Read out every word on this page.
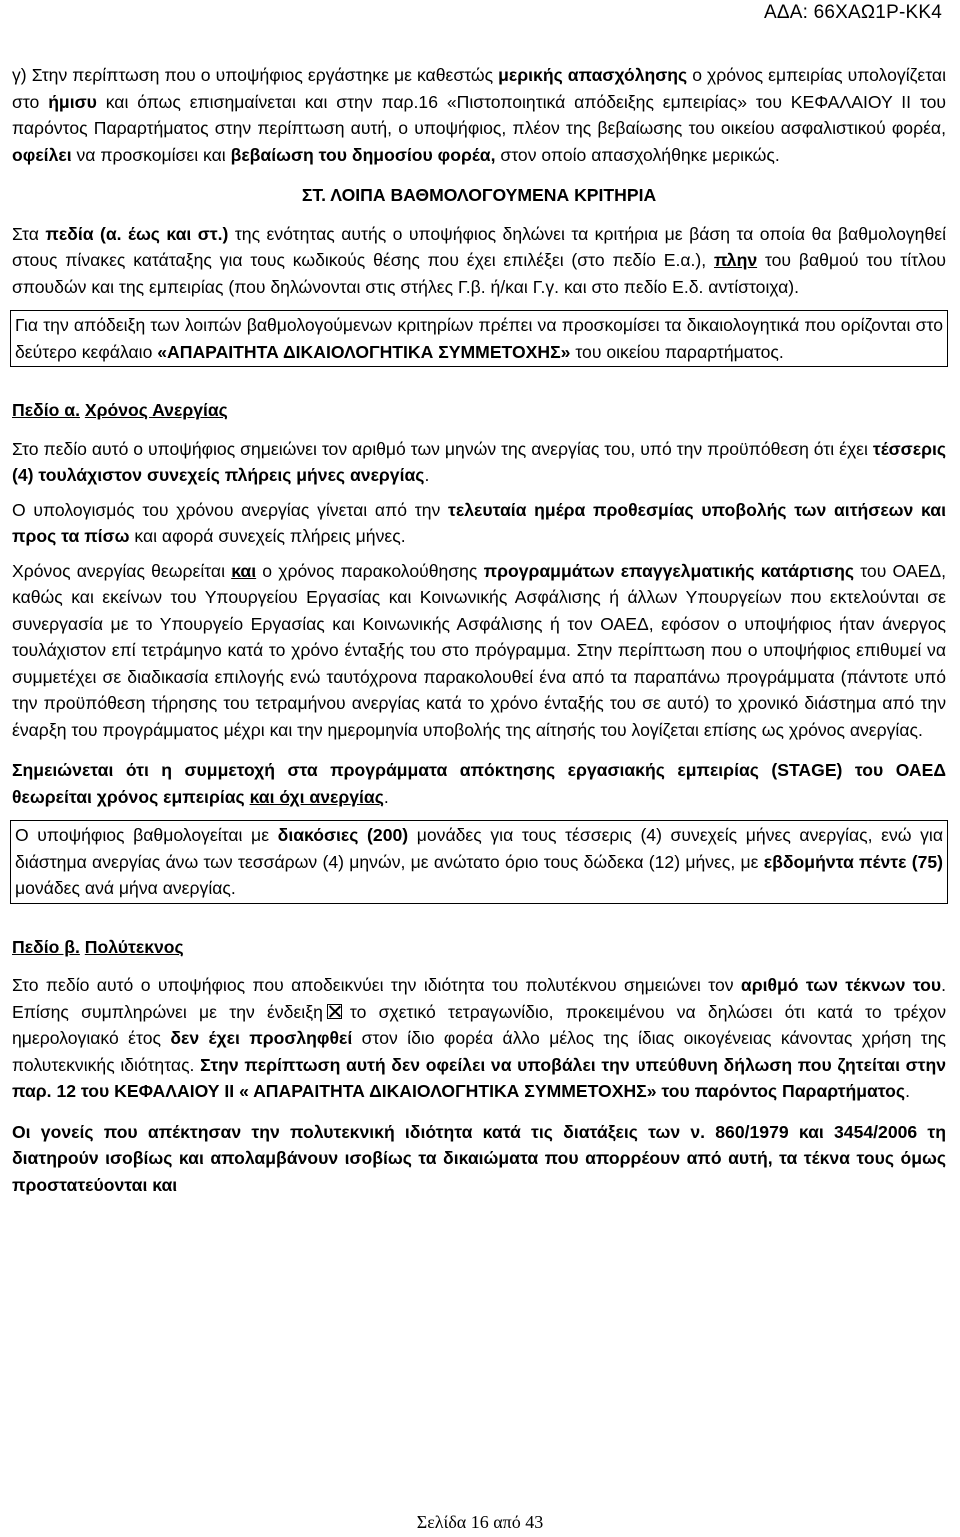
ΑΔΑ: 66ΧΑΩ1Ρ-ΚΚ4

γ) Στην περίπτωση που ο υποψήφιος εργάστηκε με καθεστώς μερικής απασχόλησης ο χρόνος εμπειρίας υπολογίζεται στο ήμισυ και όπως επισημαίνεται και στην παρ.16 «Πιστοποιητικά απόδειξης εμπειρίας» του ΚΕΦΑΛΑΙΟΥ ΙΙ του παρόντος Παραρτήματος στην περίπτωση αυτή, ο υποψήφιος, πλέον της βεβαίωσης του οικείου ασφαλιστικού φορέα, οφείλει να προσκομίσει και βεβαίωση του δημοσίου φορέα, στον οποίο απασχολήθηκε μερικώς.

ΣΤ. ΛΟΙΠΑ ΒΑΘΜΟΛΟΓΟΥΜΕΝΑ ΚΡΙΤΗΡΙΑ

Στα πεδία (α. έως και στ.) της ενότητας αυτής ο υποψήφιος δηλώνει τα κριτήρια με βάση τα οποία θα βαθμολογηθεί στους πίνακες κατάταξης για τους κωδικούς θέσης που έχει επιλέξει (στο πεδίο Ε.α.), πλην του βαθμού του τίτλου σπουδών και της εμπειρίας (που δηλώνονται στις στήλες Γ.β. ή/και Γ.γ. και στο πεδίο Ε.δ. αντίστοιχα).

Για την απόδειξη των λοιπών βαθμολογούμενων κριτηρίων πρέπει να προσκομίσει τα δικαιολογητικά που ορίζονται στο δεύτερο κεφάλαιο «ΑΠΑΡΑΙΤΗΤΑ ΔΙΚΑΙΟΛΟΓΗΤΙΚΑ ΣΥΜΜΕΤΟΧΗΣ» του οικείου παραρτήματος.

Πεδίο α. Χρόνος Ανεργίας

Στο πεδίο αυτό ο υποψήφιος σημειώνει τον αριθμό των μηνών της ανεργίας του, υπό την προϋπόθεση ότι έχει τέσσερις (4) τουλάχιστον συνεχείς πλήρεις μήνες ανεργίας.

Ο υπολογισμός του χρόνου ανεργίας γίνεται από την τελευταία ημέρα προθεσμίας υποβολής των αιτήσεων και προς τα πίσω και αφορά συνεχείς πλήρεις μήνες.

Χρόνος ανεργίας θεωρείται και ο χρόνος παρακολούθησης προγραμμάτων επαγγελματικής κατάρτισης του ΟΑΕΔ, καθώς και εκείνων του Υπουργείου Εργασίας και Κοινωνικής Ασφάλισης ή άλλων Υπουργείων που εκτελούνται σε συνεργασία με το Υπουργείο Εργασίας και Κοινωνικής Ασφάλισης ή τον ΟΑΕΔ, εφόσον ο υποψήφιος ήταν άνεργος τουλάχιστον επί τετράμηνο κατά το χρόνο ένταξής του στο πρόγραμμα. Στην περίπτωση που ο υποψήφιος επιθυμεί να συμμετέχει σε διαδικασία επιλογής ενώ ταυτόχρονα παρακολουθεί ένα από τα παραπάνω προγράμματα (πάντοτε υπό την προϋπόθεση τήρησης του τετραμήνου ανεργίας κατά το χρόνο ένταξής του σε αυτό) το χρονικό διάστημα από την έναρξη του προγράμματος μέχρι και την ημερομηνία υποβολής της αίτησής του λογίζεται επίσης ως χρόνος ανεργίας.

Σημειώνεται ότι η συμμετοχή στα προγράμματα απόκτησης εργασιακής εμπειρίας (STAGE) του ΟΑΕΔ θεωρείται χρόνος εμπειρίας και όχι ανεργίας.

Ο υποψήφιος βαθμολογείται με διακόσιες (200) μονάδες για τους τέσσερις (4) συνεχείς μήνες ανεργίας, ενώ για διάστημα ανεργίας άνω των τεσσάρων (4) μηνών, με ανώτατο όριο τους δώδεκα (12) μήνες, με εβδομήντα πέντε (75) μονάδες ανά μήνα ανεργίας.

Πεδίο β. Πολύτεκνος

Στο πεδίο αυτό ο υποψήφιος που αποδεικνύει την ιδιότητα του πολυτέκνου σημειώνει τον αριθμό των τέκνων του. Επίσης συμπληρώνει με την ένδειξη το σχετικό τετραγωνίδιο, προκειμένου να δηλώσει ότι κατά το τρέχον ημερολογιακό έτος δεν έχει προσληφθεί στον ίδιο φορέα άλλο μέλος της ίδιας οικογένειας κάνοντας χρήση της πολυτεκνικής ιδιότητας. Στην περίπτωση αυτή δεν οφείλει να υποβάλει την υπεύθυνη δήλωση που ζητείται στην παρ. 12 του ΚΕΦΑΛΑΙΟΥ ΙΙ « ΑΠΑΡΑΙΤΗΤΑ ΔΙΚΑΙΟΛΟΓΗΤΙΚΑ ΣΥΜΜΕΤΟΧΗΣ» του παρόντος Παραρτήματος.

Οι γονείς που απέκτησαν την πολυτεκνική ιδιότητα κατά τις διατάξεις των ν. 860/1979 και 3454/2006 τη διατηρούν ισοβίως και απολαμβάνουν ισοβίως τα δικαιώματα που απορρέουν από αυτή, τα τέκνα τους όμως προστατεύονται και

Σελίδα 16 από 43
